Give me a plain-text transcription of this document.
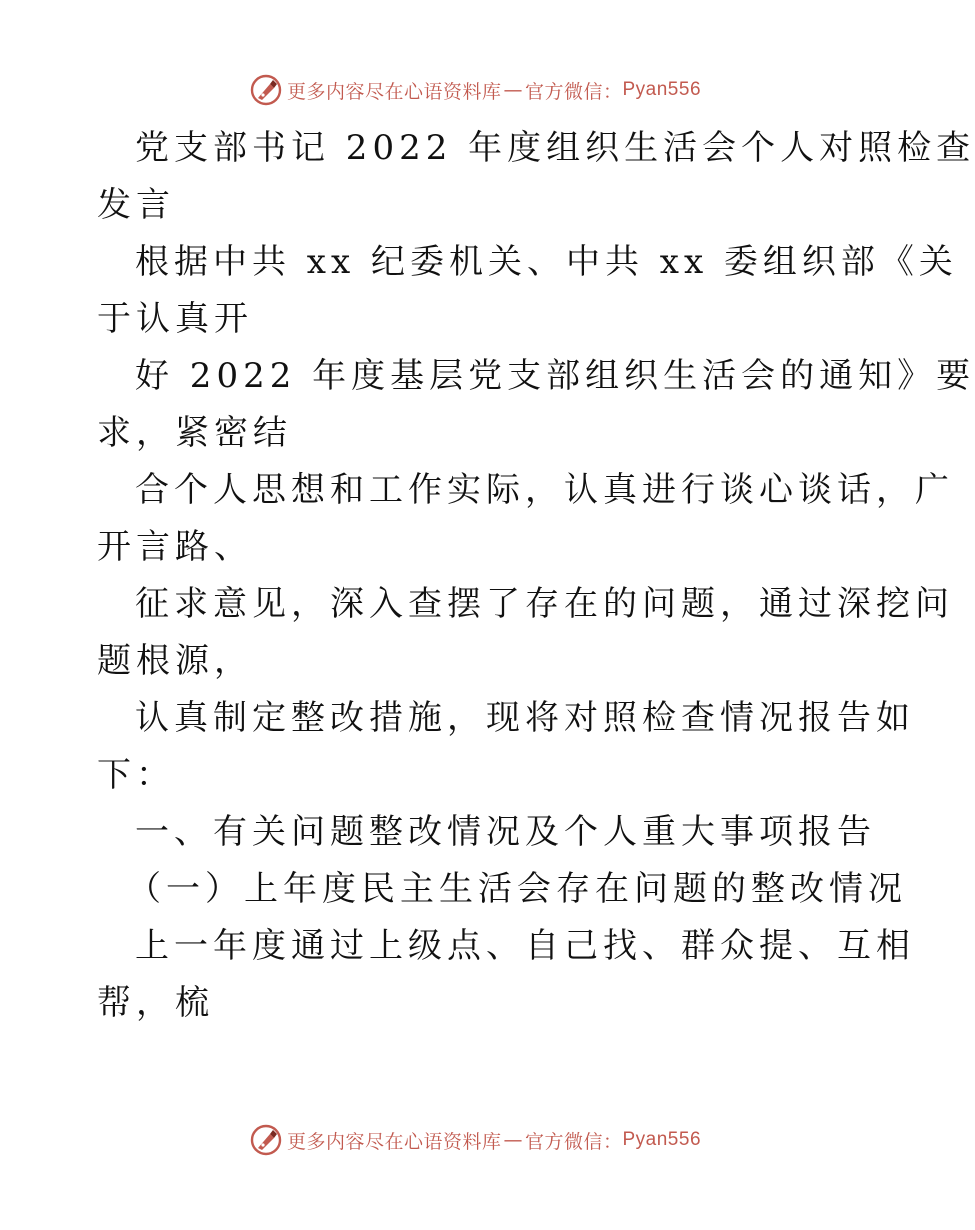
更多内容尽在心语资料库 — 官方微信： Pyan556
党支部书记 2022 年度组织生活会个人对照检查
发言
根据中共 xx 纪委机关、中共 xx 委组织部《关
于认真开
好 2022 年度基层党支部组织生活会的通知》要
求，紧密结
合个人思想和工作实际，认真进行谈心谈话，广
开言路、
征求意见，深入查摆了存在的问题，通过深挖问
题根源，
认真制定整改措施，现将对照检查情况报告如
下：
一、有关问题整改情况及个人重大事项报告
（一）上年度民主生活会存在问题的整改情况
上一年度通过上级点、自己找、群众提、互相
帮，梳
更多内容尽在心语资料库 — 官方微信： Pyan556
